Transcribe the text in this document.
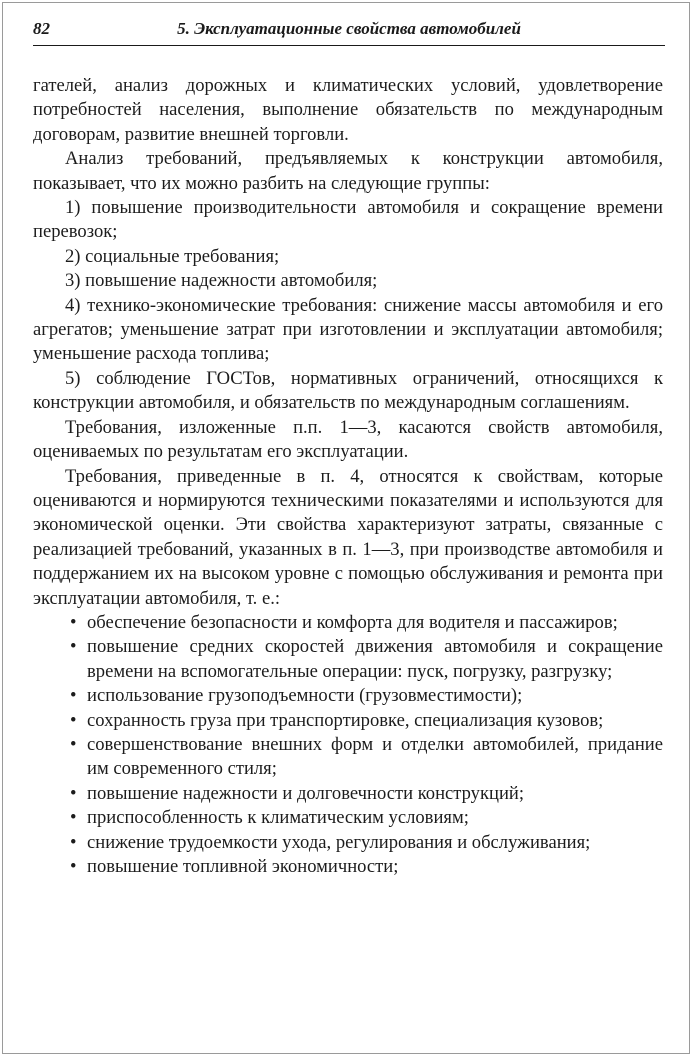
82	5. Эксплуатационные свойства автомобилей

гателей, анализ дорожных и климатических условий, удовлетворение потребностей населения, выполнение обязательств по международным договорам, развитие внешней торговли.

Анализ требований, предъявляемых к конструкции автомобиля, показывает, что их можно разбить на следующие группы:

1) повышение производительности автомобиля и сокращение времени перевозок;

2) социальные требования;

3) повышение надежности автомобиля;

4) технико-экономические требования: снижение массы автомобиля и его агрегатов; уменьшение затрат при изготовлении и эксплуатации автомобиля; уменьшение расхода топлива;

5) соблюдение ГОСТов, нормативных ограничений, относящихся к конструкции автомобиля, и обязательств по международным соглашениям.

Требования, изложенные п.п. 1—3, касаются свойств автомобиля, оцениваемых по результатам его эксплуатации.

Требования, приведенные в п. 4, относятся к свойствам, которые оцениваются и нормируются техническими показателями и используются для экономической оценки. Эти свойства характеризуют затраты, связанные с реализацией требований, указанных в п. 1—3, при производстве автомобиля и поддержанием их на высоком уровне с помощью обслуживания и ремонта при эксплуатации автомобиля, т. е.:

• обеспечение безопасности и комфорта для водителя и пассажиров;
• повышение средних скоростей движения автомобиля и сокращение времени на вспомогательные операции: пуск, погрузку, разгрузку;
• использование грузоподъемности (грузовместимости);
• сохранность груза при транспортировке, специализация кузовов;
• совершенствование внешних форм и отделки автомобилей, придание им современного стиля;
• повышение надежности и долговечности конструкций;
• приспособленность к климатическим условиям;
• снижение трудоемкости ухода, регулирования и обслуживания;
• повышение топливной экономичности;
